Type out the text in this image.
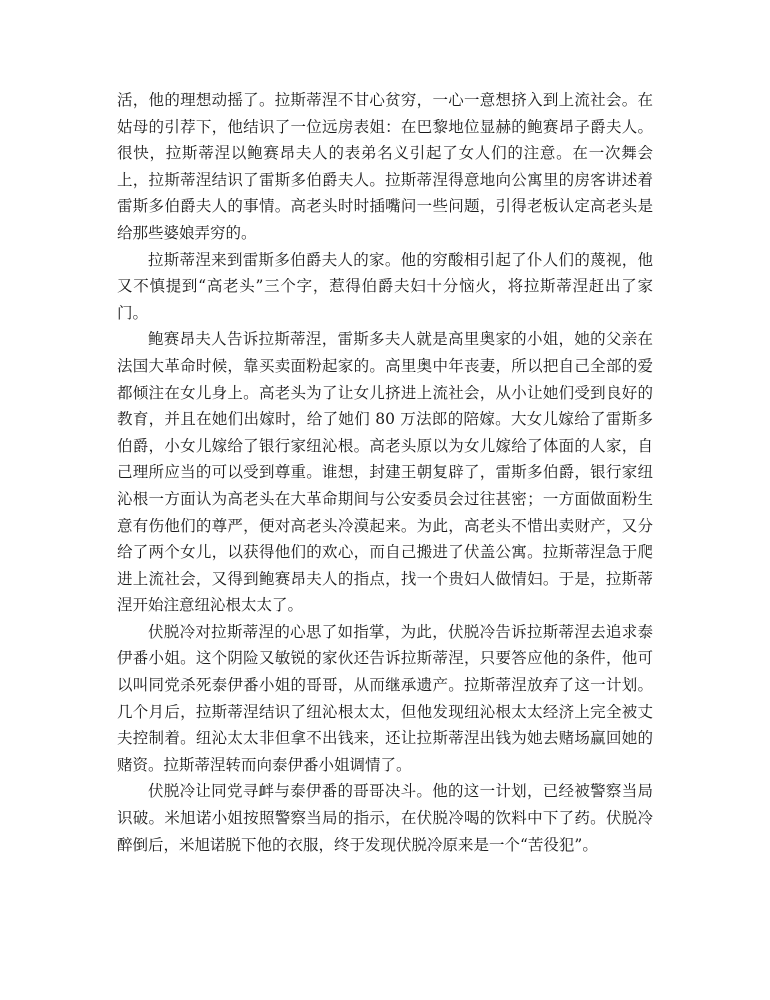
活，他的理想动摇了。拉斯蒂涅不甘心贫穷，一心一意想挤入到上流社会。在姑母的引荐下，他结识了一位远房表姐：在巴黎地位显赫的鲍赛昂子爵夫人。很快，拉斯蒂涅以鲍赛昂夫人的表弟名义引起了女人们的注意。在一次舞会上，拉斯蒂涅结识了雷斯多伯爵夫人。拉斯蒂涅得意地向公寓里的房客讲述着雷斯多伯爵夫人的事情。高老头时时插嘴问一些问题，引得老板认定高老头是给那些婆娘弄穷的。

拉斯蒂涅来到雷斯多伯爵夫人的家。他的穷酸相引起了仆人们的蔑视，他又不慎提到“高老头”三个字，惹得伯爵夫妇十分恼火，将拉斯蒂涅赶出了家门。

鲍赛昂夫人告诉拉斯蒂涅，雷斯多夫人就是高里奥家的小姐，她的父亲在法国大革命时候，靠买卖面粉起家的。高里奥中年丧妻，所以把自己全部的爱都倾注在女儿身上。高老头为了让女儿挤进上流社会，从小让她们受到良好的教育，并且在她们出嫁时，给了她们 80 万法郎的陪嫁。大女儿嫁给了雷斯多伯爵，小女儿嫁给了银行家纽沁根。高老头原以为女儿嫁给了体面的人家，自己理所应当的可以受到尊重。谁想，封建王朝复辟了，雷斯多伯爵，银行家纽沁根一方面认为高老头在大革命期间与公安委员会过往甚密；一方面做面粉生意有伤他们的尊严，便对高老头冷漠起来。为此，高老头不惜出卖财产，又分给了两个女儿，以获得他们的欢心，而自己搬进了伏盖公寓。拉斯蒂涅急于爬进上流社会，又得到鲍赛昂夫人的指点，找一个贵妇人做情妇。于是，拉斯蒂涅开始注意纽沁根太太了。

伏脱冷对拉斯蒂涅的心思了如指掌，为此，伏脱冷告诉拉斯蒂涅去追求泰伊番小姐。这个阴险又敏锐的家伙还告诉拉斯蒂涅，只要答应他的条件，他可以叫同党杀死泰伊番小姐的哥哥，从而继承遗产。拉斯蒂涅放弃了这一计划。几个月后，拉斯蒂涅结识了纽沁根太太，但他发现纽沁根太太经济上完全被丈夫控制着。纽沁太太非但拿不出钱来，还让拉斯蒂涅出钱为她去赌场赢回她的赌资。拉斯蒂涅转而向泰伊番小姐调情了。

伏脱冷让同党寻衅与泰伊番的哥哥决斗。他的这一计划，已经被警察当局识破。米旭诺小姐按照警察当局的指示，在伏脱冷喝的饮料中下了药。伏脱冷醉倒后，米旭诺脱下他的衣服，终于发现伏脱冷原来是一个“苦役犯”。
